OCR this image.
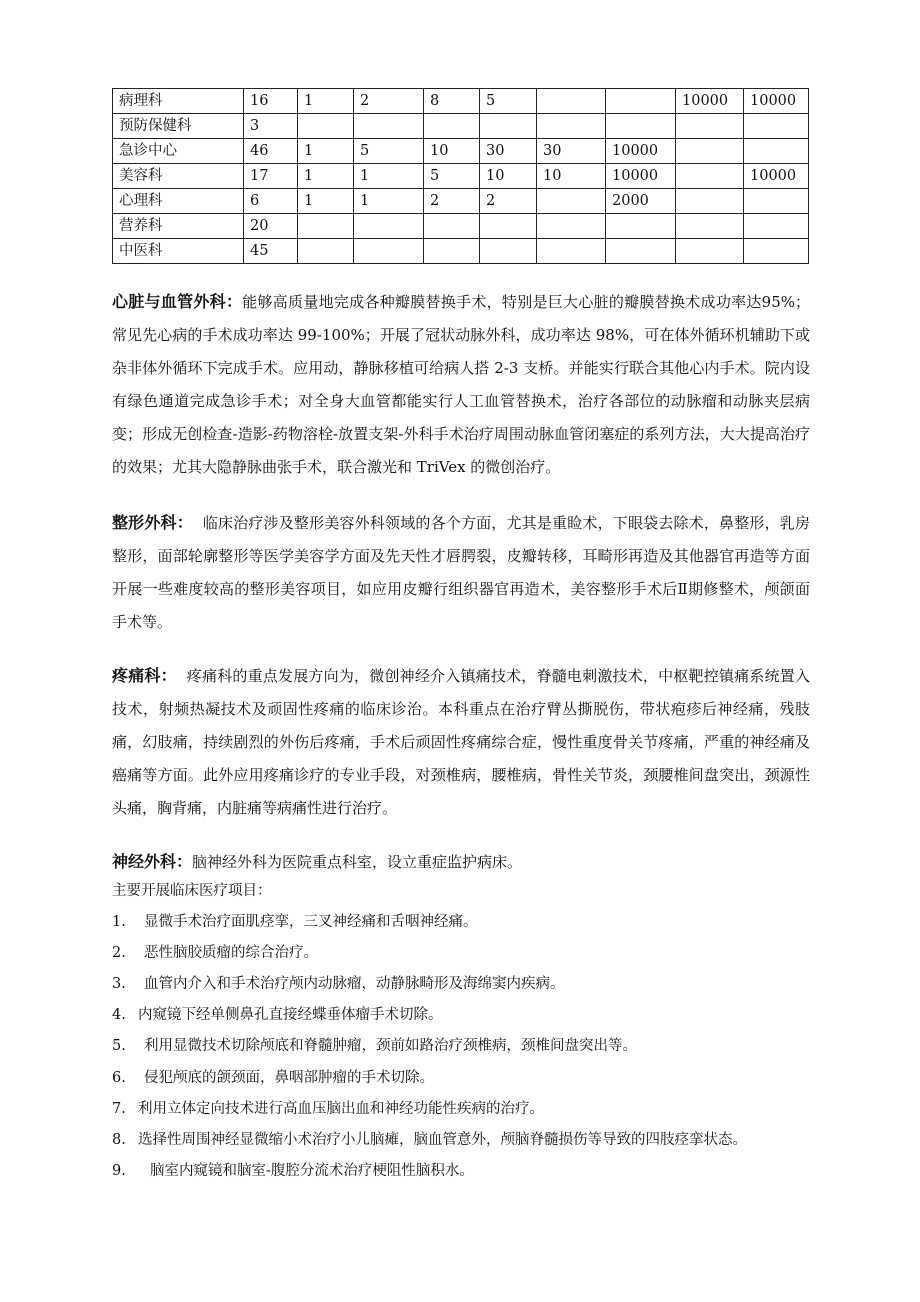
病理科	16	1	2	8	5			10000	10000
预防保健科	3								
急诊中心	46	1	5	10	30	30	10000		
美容科	17	1	1	5	10	10	10000		10000
心理科	6	1	1	2	2		2000		
营养科	20								
中医科	45								

心脏与血管外科：能够高质量地完成各种瓣膜替换手术，特别是巨大心脏的瓣膜替换术成功率达95%；常见先心病的手术成功率达 99-100%；开展了冠状动脉外科，成功率达 98%，可在体外循环机辅助下或杂非体外循环下完成手术。应用动，静脉移植可给病人搭 2-3 支桥。并能实行联合其他心内手术。院内设有绿色通道完成急诊手术；对全身大血管都能实行人工血管替换术，治疗各部位的动脉瘤和动脉夹层病变；形成无创检查-造影-药物溶栓-放置支架-外科手术治疗周围动脉血管闭塞症的系列方法，大大提高治疗的效果；尤其大隐静脉曲张手术，联合激光和 TriVex 的微创治疗。

整形外科： 临床治疗涉及整形美容外科领域的各个方面，尤其是重睑术，下眼袋去除术，鼻整形，乳房整形，面部轮廓整形等医学美容学方面及先天性才唇腭裂，皮瓣转移，耳畸形再造及其他器官再造等方面开展一些难度较高的整形美容项目，如应用皮瓣行组织器官再造术，美容整形手术后Ⅱ期修整术，颅颌面手术等。

疼痛科： 疼痛科的重点发展方向为，微创神经介入镇痛技术，脊髓电刺激技术，中枢靶控镇痛系统置入技术，射频热凝技术及顽固性疼痛的临床诊治。本科重点在治疗臂丛撕脱伤，带状疱疹后神经痛，残肢痛，幻肢痛，持续剧烈的外伤后疼痛，手术后顽固性疼痛综合症，慢性重度骨关节疼痛，严重的神经痛及癌痛等方面。此外应用疼痛诊疗的专业手段，对颈椎病，腰椎病，骨性关节炎，颈腰椎间盘突出，颈源性头痛，胸背痛，内脏痛等病痛性进行治疗。

神经外科：脑神经外科为医院重点科室，设立重症监护病床。

主要开展临床医疗项目：
1. 显微手术治疗面肌痉挛，三叉神经痛和舌咽神经痛。
2. 恶性脑胶质瘤的综合治疗。
3. 血管内介入和手术治疗颅内动脉瘤，动静脉畸形及海绵窦内疾病。
4. 内窥镜下经单侧鼻孔直接经蝶垂体瘤手术切除。
5. 利用显微技术切除颅底和脊髓肿瘤，颈前如路治疗颈椎病，颈椎间盘突出等。
6. 侵犯颅底的颌颈面，鼻咽部肿瘤的手术切除。
7. 利用立体定向技术进行高血压脑出血和神经功能性疾病的治疗。
8. 选择性周围神经显微缩小术治疗小儿脑瘫，脑血管意外，颅脑脊髓损伤等导致的四肢痉挛状态。
9. 脑室内窥镜和脑室-腹腔分流术治疗梗阻性脑积水。
